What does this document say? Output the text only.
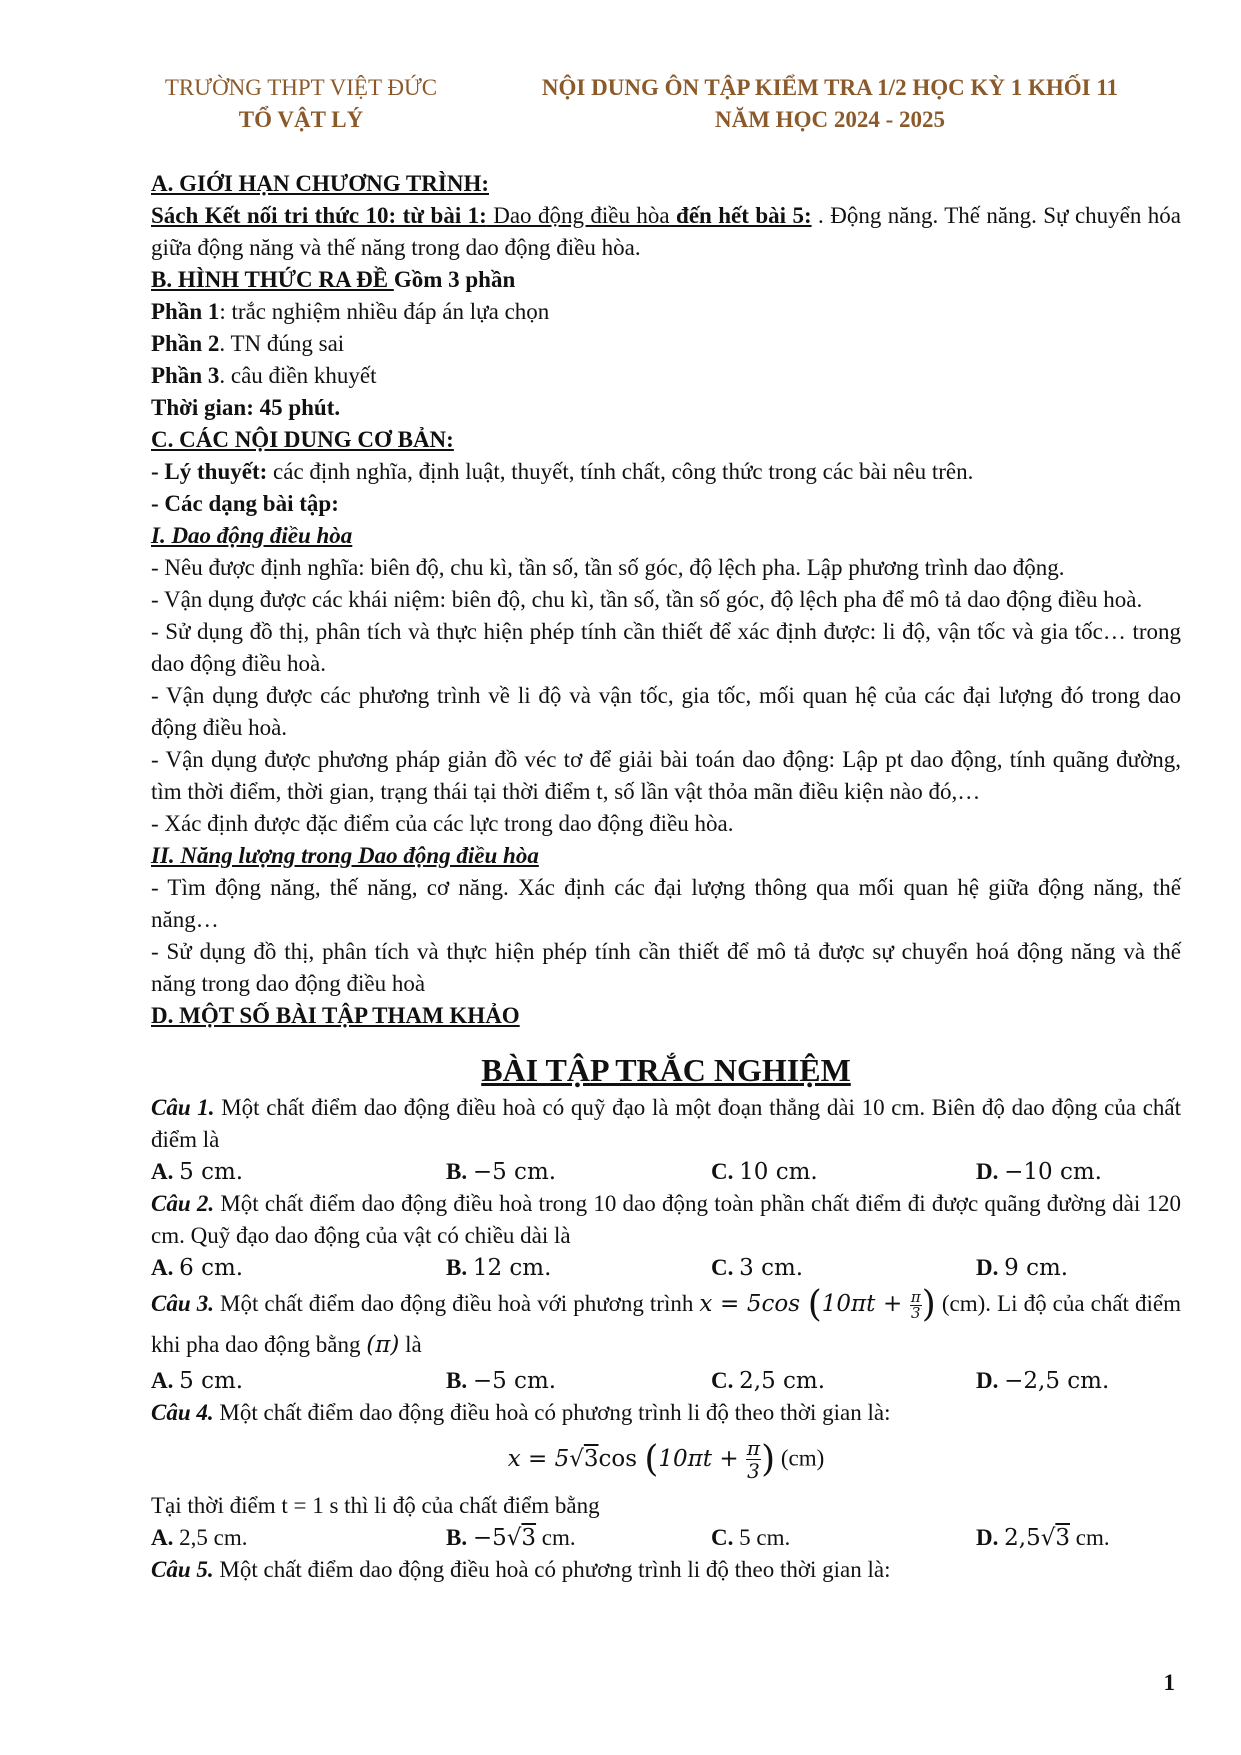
TRƯỜNG THPT VIỆT ĐỨC
TỔ VẬT LÝ
NỘI DUNG ÔN TẬP KIỂM TRA 1/2 HỌC KỲ 1 KHỐI 11
NĂM HỌC 2024 - 2025

A. GIỚI HẠN CHƯƠNG TRÌNH:

Sách Kết nối tri thức 10: từ bài 1: Dao động điều hòa đến hết bài 5: . Động năng. Thế năng. Sự chuyển hóa giữa động năng và thế năng trong dao động điều hòa.

B. HÌNH THỨC RA ĐỀ Gồm 3 phần

Phần 1: trắc nghiệm nhiều đáp án lựa chọn

Phần 2. TN đúng sai

Phần 3. câu điền khuyết

Thời gian: 45 phút.

C. CÁC NỘI DUNG CƠ BẢN:

- Lý thuyết: các định nghĩa, định luật, thuyết, tính chất, công thức trong các bài nêu trên.

- Các dạng bài tập:

I. Dao động điều hòa

- Nêu được định nghĩa: biên độ, chu kì, tần số, tần số góc, độ lệch pha. Lập phương trình dao động.

- Vận dụng được các khái niệm: biên độ, chu kì, tần số, tần số góc, độ lệch pha để mô tả dao động điều hoà.

- Sử dụng đồ thị, phân tích và thực hiện phép tính cần thiết để xác định được: li độ, vận tốc và gia tốc… trong dao động điều hoà.

- Vận dụng được các phương trình về li độ và vận tốc, gia tốc, mối quan hệ của các đại lượng đó trong dao động điều hoà.

- Vận dụng được phương pháp giản đồ véc tơ để giải bài toán dao động: Lập pt dao động, tính quãng đường, tìm thời điểm, thời gian, trạng thái tại thời điểm t, số lần vật thỏa mãn điều kiện nào đó,…

- Xác định được đặc điểm của các lực trong dao động điều hòa.

II. Năng lượng trong Dao động điều hòa

- Tìm động năng, thế năng, cơ năng. Xác định các đại lượng thông qua mối quan hệ giữa động năng, thế năng…

- Sử dụng đồ thị, phân tích và thực hiện phép tính cần thiết để mô tả được sự chuyển hoá động năng và thế năng trong dao động điều hoà

D. MỘT SỐ BÀI TẬP THAM KHẢO

BÀI TẬP TRẮC NGHIỆM

Câu 1. Một chất điểm dao động điều hoà có quỹ đạo là một đoạn thẳng dài 10 cm. Biên độ dao động của chất điểm là

A. 5 cm.	B. −5 cm.	C. 10 cm.	D. −10 cm.

Câu 2. Một chất điểm dao động điều hoà trong 10 dao động toàn phần chất điểm đi được quãng đường dài 120 cm. Quỹ đạo dao động của vật có chiều dài là

A. 6 cm.	B. 12 cm.	C. 3 cm.	D. 9 cm.

Câu 3. Một chất điểm dao động điều hoà với phương trình x = 5cos ($10\pi t + \frac{\pi}{3}$ ) (cm). Li độ của chất điểm khi pha dao động bằng (π) là

A. 5 cm.	B. −5 cm.	C. 2,5 cm.	D. −2,5 cm.

Câu 4. Một chất điểm dao động điều hoà có phương trình li độ theo thời gian là:

x = 5√3cos ($10\pi t + \frac{\pi}{3}$ ) (cm)

Tại thời điểm t = 1 s thì li độ của chất điểm bằng

A. 2,5 cm.	B. −5√3 cm.	C. 5 cm.	D. 2,5√3 cm.

Câu 5. Một chất điểm dao động điều hoà có phương trình li độ theo thời gian là:

1
